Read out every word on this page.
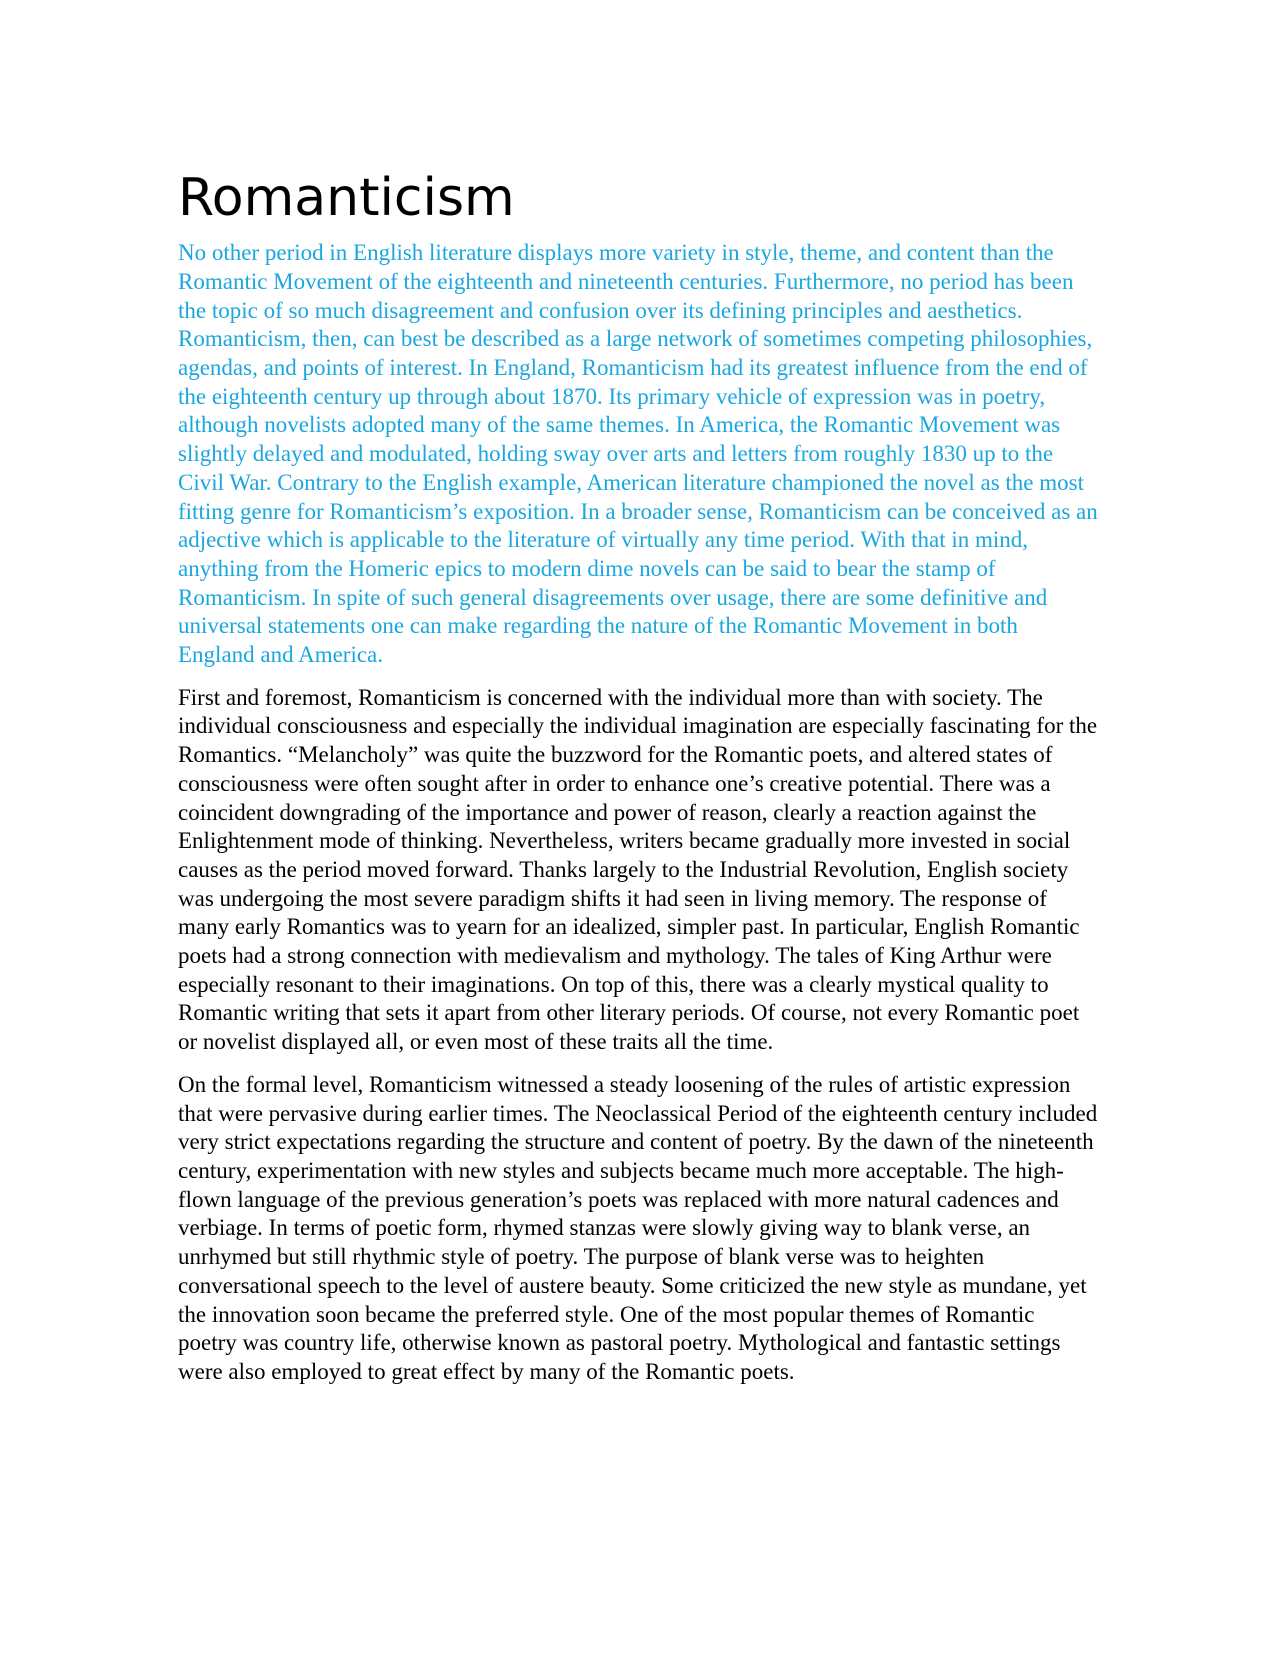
Romanticism

No other period in English literature displays more variety in style, theme, and content than the Romantic Movement of the eighteenth and nineteenth centuries. Furthermore, no period has been the topic of so much disagreement and confusion over its defining principles and aesthetics. Romanticism, then, can best be described as a large network of sometimes competing philosophies, agendas, and points of interest. In England, Romanticism had its greatest influence from the end of the eighteenth century up through about 1870. Its primary vehicle of expression was in poetry, although novelists adopted many of the same themes. In America, the Romantic Movement was slightly delayed and modulated, holding sway over arts and letters from roughly 1830 up to the Civil War. Contrary to the English example, American literature championed the novel as the most fitting genre for Romanticism’s exposition. In a broader sense, Romanticism can be conceived as an adjective which is applicable to the literature of virtually any time period. With that in mind, anything from the Homeric epics to modern dime novels can be said to bear the stamp of Romanticism. In spite of such general disagreements over usage, there are some definitive and universal statements one can make regarding the nature of the Romantic Movement in both England and America.

First and foremost, Romanticism is concerned with the individual more than with society. The individual consciousness and especially the individual imagination are especially fascinating for the Romantics. “Melancholy” was quite the buzzword for the Romantic poets, and altered states of consciousness were often sought after in order to enhance one’s creative potential. There was a coincident downgrading of the importance and power of reason, clearly a reaction against the Enlightenment mode of thinking. Nevertheless, writers became gradually more invested in social causes as the period moved forward. Thanks largely to the Industrial Revolution, English society was undergoing the most severe paradigm shifts it had seen in living memory. The response of many early Romantics was to yearn for an idealized, simpler past. In particular, English Romantic poets had a strong connection with medievalism and mythology. The tales of King Arthur were especially resonant to their imaginations. On top of this, there was a clearly mystical quality to Romantic writing that sets it apart from other literary periods. Of course, not every Romantic poet or novelist displayed all, or even most of these traits all the time.

On the formal level, Romanticism witnessed a steady loosening of the rules of artistic expression that were pervasive during earlier times. The Neoclassical Period of the eighteenth century included very strict expectations regarding the structure and content of poetry. By the dawn of the nineteenth century, experimentation with new styles and subjects became much more acceptable. The high-flown language of the previous generation’s poets was replaced with more natural cadences and verbiage. In terms of poetic form, rhymed stanzas were slowly giving way to blank verse, an unrhymed but still rhythmic style of poetry. The purpose of blank verse was to heighten conversational speech to the level of austere beauty. Some criticized the new style as mundane, yet the innovation soon became the preferred style. One of the most popular themes of Romantic poetry was country life, otherwise known as pastoral poetry. Mythological and fantastic settings were also employed to great effect by many of the Romantic poets.
